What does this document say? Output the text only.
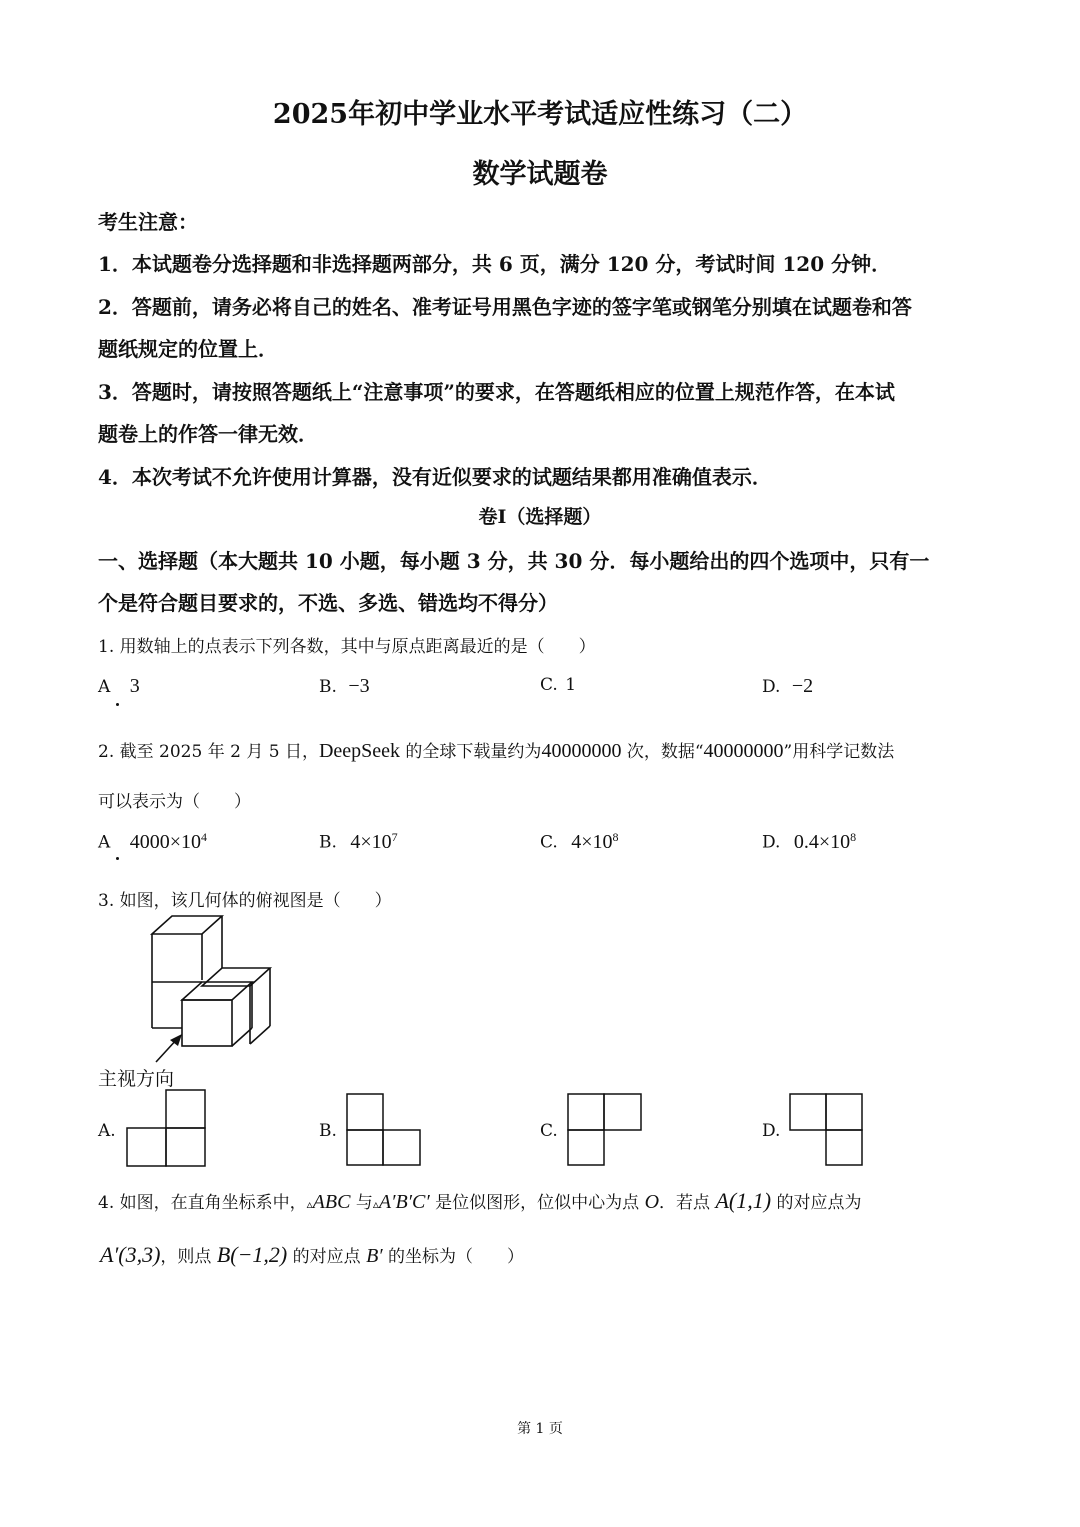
2025年初中学业水平考试适应性练习（二）
数学试题卷
考生注意：
1．本试题卷分选择题和非选择题两部分，共 6 页，满分 120 分，考试时间 120 分钟．
2．答题前，请务必将自己的姓名、准考证号用黑色字迹的签字笔或钢笔分别填在试题卷和答
题纸规定的位置上．
3．答题时，请按照答题纸上“注意事项”的要求，在答题纸相应的位置上规范作答，在本试
题卷上的作答一律无效．
4．本次考试不允许使用计算器，没有近似要求的试题结果都用准确值表示．
卷I（选择题）
一、选择题（本大题共 10 小题，每小题 3 分，共 30 分．每小题给出的四个选项中，只有一
个是符合题目要求的，不选、多选、错选均不得分）
1. 用数轴上的点表示下列各数，其中与原点距离最近的是（　　）
A 3	B. −3	C. 1	D. −2
2. 截至 2025 年 2 月 5 日，DeepSeek 的全球下载量约为40000000 次，数据“40000000”用科学记数法
可以表示为（　　）
A $4000\times 10^4$	B. $4\times 10^7$	C. $4\times 10^8$	D. $0.4\times 10^8$
3. 如图，该几何体的俯视图是（　　）
主视方向
A.	B.	C.	D.
4. 如图，在直角坐标系中，▵ABC 与▵A′B′C′ 是位似图形，位似中心为点 O．若点 A(1,1) 的对应点为
A′(3,3)，则点 B(−1,2) 的对应点 B′ 的坐标为（　　）
第 1 页
